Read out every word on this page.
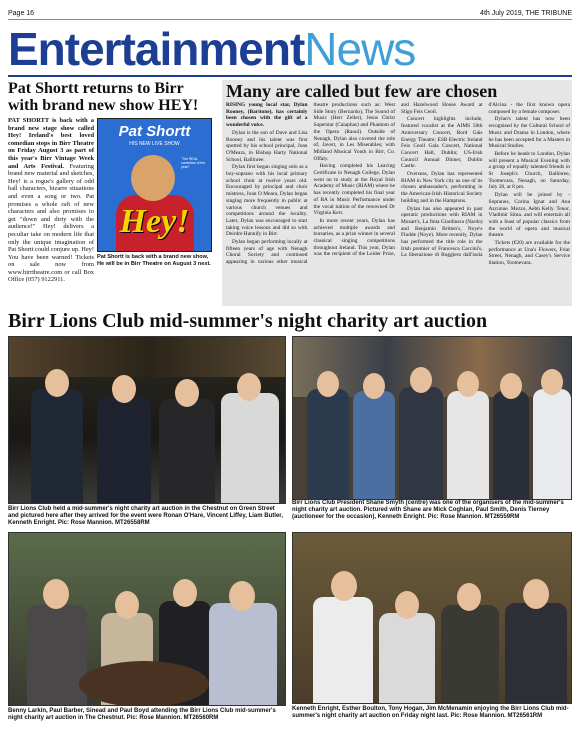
Page 16	4th July 2019, THE TRIBUNE
EntertainmentNews
Pat Shortt returns to Birr with brand new show HEY!
PAT SHORTT is back with a brand new stage show called Hey! Ireland's best loved comedian stops in Birr Theatre on Friday August 3 as part of this year's Birr Vintage Week and Arts Festival. Featuring brand new material and sketches, Hey! is a rogue's gallery of odd ball characters, bizarre situations and even a song or two. Pat promises a whole raft of new characters and also promises to get "down and dirty with the audience!" Hey! delivers a peculiar take on modern life that only the unique imagination of Pat Shortt could conjure up. Hey! You have been warned! Tickets on sale now from www.birrtheatre.com or call Box Office (057) 9122911.
Pat Shortt
HIS NEW LIVE SHOW
"The REAL comedian of the year!"
Hey!
Pat Shortt is back with a brand new show, He will be in Birr Theatre on August 3 next.
Many are called but few are chosen

RISING young local star, Dylan Rooney, (Baritone), has certainly been chosen with the gift of a wonderful voice.

Dylan is the son of Dave and Lisa Rooney and his talent was first spotted by his school principal, Joan O'Meara, in Bishop Harty National School, Ballinree.

Dylan first began singing solo as a boy-soprano with his local primary school choir at twelve years old. Encouraged by principal and choir mistress, Joan O Meara, Dylan began singing more frequently in public at various church venues and competitions around the locality. Later, Dylan was encouraged to start taking voice lessons and did so with Deirdre Hannify in Birr.

Dylan began performing locally at fifteen years of age with Nenagh Choral Society and continued appearing in various other musical theatre productions such as: West Side Story (Bernardo), The Sound of Music (Herr Zeller), Jesus Christ Superstar (Caiaphas) and Phantom of the Opera (Raoul). Outside of Nenagh, Dylan also covered the role of, Javert, in Les Miserables; with Midland Musical Youth in Birr, Co. Offaly.

Having completed his Leaving Certificate in Nenagh College, Dylan went on to study at the Royal Irish Academy of Music (RIAM) where he has recently completed his final year of BA in Music Performance under the vocal tuition of the renowned Dr Virginia Kerr.

In more recent years, Dylan has achieved multiple awards and bursaries, as a prize winner in several classical singing competitions throughout Ireland. This year, Dylan was the recipient of the Leider Prize, and Hazelwood House Award at Sligo Feis Ceoil.

Concert highlights include, featured vocalist at the AIMS 50th Anniversary Concert, Bord Gáis Energy Theatre; ESB Electric Ireland Feis Ceoil Gala Concert, National Concert Hall, Dublin; US-Irish Council Annual Dinner, Dublin Castle.

Overseas, Dylan has represented RIAM in New York city as one of its chosen ambassador's, performing in the American-Irish Historical Society building and in the Hamptons.

Dylan has also appeared in past operatic productions with RIAM in Mozart's, La finta Giardinera (Nardo) and Benjamin Britten's, Noye's Fludde (Noye). More recently, Dylan has performed the title role in the Irish premier of Francesca Caccini's, La liberazione di Ruggiero dall'isola d'Alcina - the first known opera composed by a female composer.

Dylan's talent has now been recognised by the Cultural School of Music and Drama in London, where he has been accepted for a Masters in Musical Studies.

Before he heads to London, Dylan will present a Musical Evening with a group of equally talented friends in St Joseph's Church, Ballinree, Toomevara, Nenagh, on Saturday, July 20, at 8 pm.

Dylan will be joined by - Sopranos, Corina Ignat and Ana Azcunue. Mezzo, Aebh Kelly. Tenor, Vladimir Sima. and will entertain all with a feast of popular classics from the world of opera and musical theatre.

Tickets (€20) are available for the performance at Una's Flowers, Friar Street, Nenagh, and Casey's Service Station, Toomevara.

Birr Lions Club mid-summer's night charity art auction
Birr Lions Club held a mid-summer's night charity art auction in the Chestnut on Green Street and pictured here after they arrived for the event were Ronan O'Hare, Vincent Liffey, Liam Butler, Kenneth Enright. Pic: Rose Mannion. MT26558RM
Birr Lions Club President Shane Smyth (centre) was one of the organisers of the mid-summer's night charity art auction. Pictured with Shane are Mick Coghlan, Paul Smith, Denis Tierney (auctioneer for the occasion), Kenneth Enright. Pic: Rose Mannion. MT26559RM
Benny Larkin, Paul Barber, Sinead and Paul Boyd attending the Birr Lions Club mid-summer's night charity art auction in The Chestnut. Pic: Rose Mannion. MT26560RM
Kenneth Enright, Esther Boulton, Tony Hogan, Jim McMenamin enjoying the Birr Lions Club mid-summer's night charity art auction on Friday night last. Pic: Rose Mannion. MT26561RM
